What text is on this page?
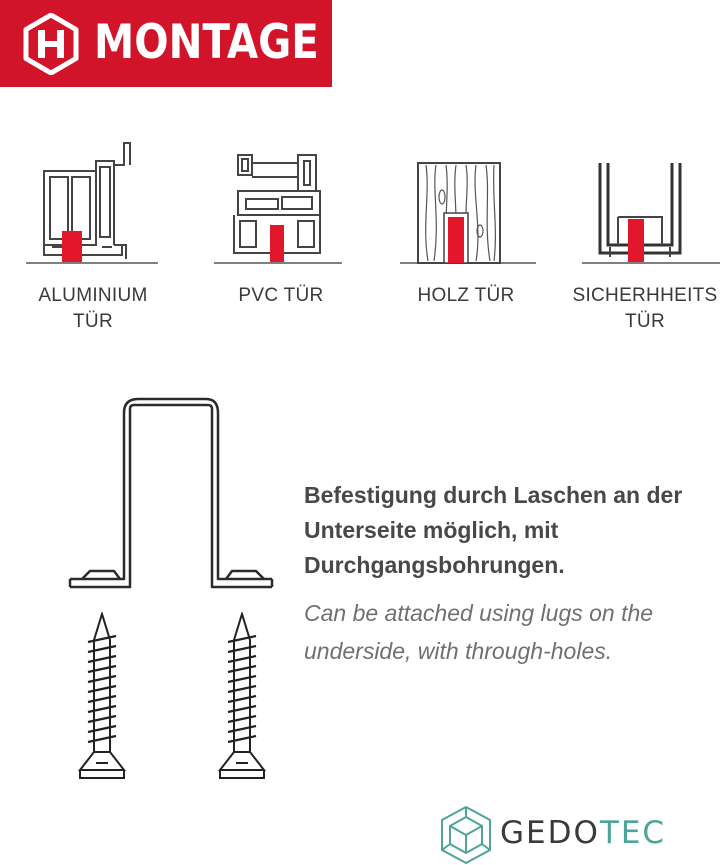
MONTAGE
ALUMINIUM TÜR
PVC TÜR	HOLZ TÜR	SICHERHHEITS TÜR
Befestigung durch Laschen an der Unterseite möglich, mit Durchgangsbohrungen.
Can be attached using lugs on the underside, with through-holes.
GEDOTEC
